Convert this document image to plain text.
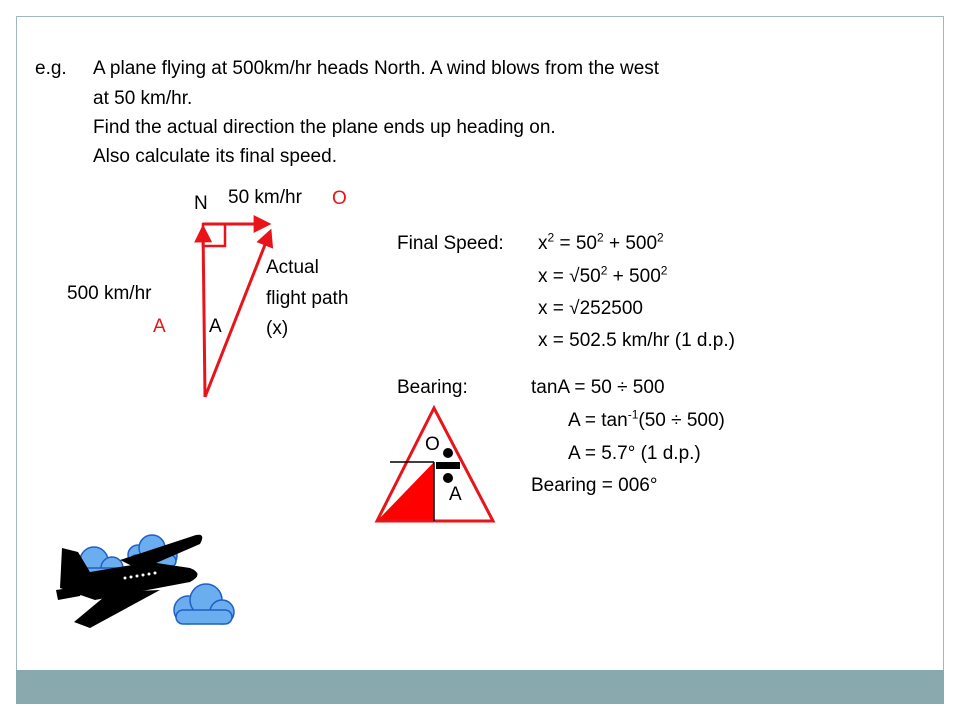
e.g. A plane flying at 500km/hr heads North. A wind blows from the west
at 50 km/hr.
Find the actual direction the plane ends up heading on.
Also calculate its final speed.
N 50 km/hr O
500 km/hr
A A
Actual
flight path
(x)
Final Speed: $x^2 = 50^2 + 500^2$
$x = √50^2 + 500^2$
x = √252500
x = 502.5 km/hr (1 d.p.)
Bearing:	tanA = 50 ÷ 500
$A = \tan^{-1}(50 \div 500)$
A = 5.7° (1 d.p.)
Bearing = 006°
O
A
